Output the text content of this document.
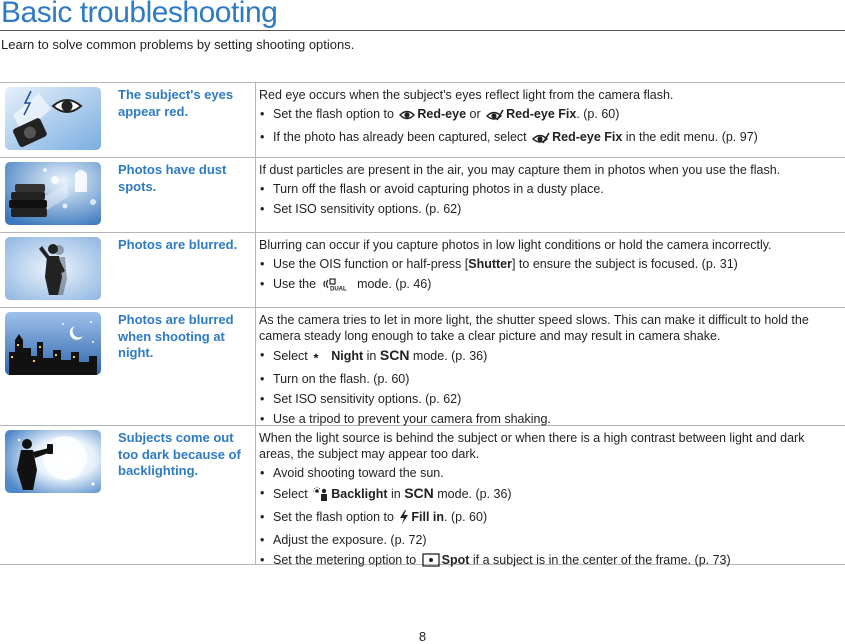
Basic troubleshooting
Learn to solve common problems by setting shooting options.
The subject's eyes appear red.

Red eye occurs when the subject's eyes reflect light from the camera flash.

• Set the flash option to Red-eye or Red-eye Fix. (p. 60)
• If the photo has already been captured, select Red-eye Fix in the edit menu. (p. 97)
Photos have dust spots.

If dust particles are present in the air, you may capture them in photos when you use the flash.

• Turn off the flash or avoid capturing photos in a dusty place.
• Set ISO sensitivity options. (p. 62)
Photos are blurred.	Blurring can occur if you capture photos in low light conditions or hold the camera incorrectly.

• Use the OIS function or half-press [Shutter] to ensure the subject is focused. (p. 31)
• Use the DUAL mode. (p. 46)
Photos are blurred when shooting at night.

As the camera tries to let in more light, the shutter speed slows. This can make it difficult to hold the camera steady long enough to take a clear picture and may result in camera shake.

• Select Night in SCN mode. (p. 36)
• Turn on the flash. (p. 60)
• Set ISO sensitivity options. (p. 62)
• Use a tripod to prevent your camera from shaking.
Subjects come out too dark because of backlighting.

When the light source is behind the subject or when there is a high contrast between light and dark areas, the subject may appear too dark.

• Avoid shooting toward the sun.
• Select Backlight in SCN mode. (p. 36)
• Set the flash option to Fill in. (p. 60)
• Adjust the exposure. (p. 72)
• Set the metering option to Spot if a subject is in the center of the frame. (p. 73)
8
